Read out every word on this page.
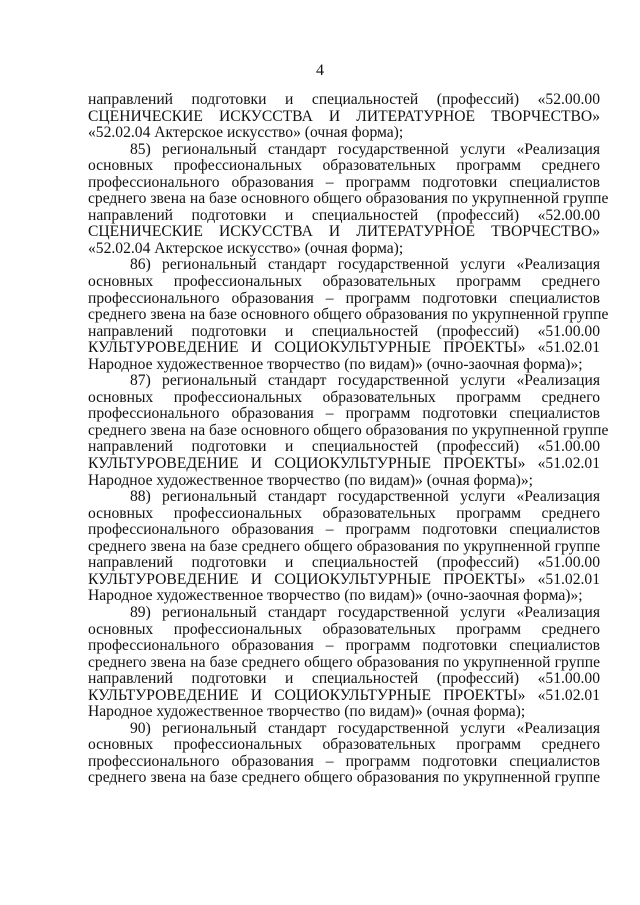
4
направлений подготовки и специальностей (профессий) «52.00.00
СЦЕНИЧЕСКИЕ ИСКУССТВА И ЛИТЕРАТУРНОЕ ТВОРЧЕСТВО»
«52.02.04 Актерское искусство» (очная форма);
85) региональный стандарт государственной услуги «Реализация
основных профессиональных образовательных программ среднего
профессионального образования – программ подготовки специалистов
среднего звена на базе основного общего образования по укрупненной группе
направлений подготовки и специальностей (профессий) «52.00.00
СЦЕНИЧЕСКИЕ ИСКУССТВА И ЛИТЕРАТУРНОЕ ТВОРЧЕСТВО»
«52.02.04 Актерское искусство» (очная форма);
86) региональный стандарт государственной услуги «Реализация
основных профессиональных образовательных программ среднего
профессионального образования – программ подготовки специалистов
среднего звена на базе основного общего образования по укрупненной группе
направлений подготовки и специальностей (профессий) «51.00.00
КУЛЬТУРОВЕДЕНИЕ И СОЦИОКУЛЬТУРНЫЕ ПРОЕКТЫ» «51.02.01
Народное художественное творчество (по видам)» (очно-заочная форма)»;
87) региональный стандарт государственной услуги «Реализация
основных профессиональных образовательных программ среднего
профессионального образования – программ подготовки специалистов
среднего звена на базе основного общего образования по укрупненной группе
направлений подготовки и специальностей (профессий) «51.00.00
КУЛЬТУРОВЕДЕНИЕ И СОЦИОКУЛЬТУРНЫЕ ПРОЕКТЫ» «51.02.01
Народное художественное творчество (по видам)» (очная форма)»;
88) региональный стандарт государственной услуги «Реализация
основных профессиональных образовательных программ среднего
профессионального образования – программ подготовки специалистов
среднего звена на базе среднего общего образования по укрупненной группе
направлений подготовки и специальностей (профессий) «51.00.00
КУЛЬТУРОВЕДЕНИЕ И СОЦИОКУЛЬТУРНЫЕ ПРОЕКТЫ» «51.02.01
Народное художественное творчество (по видам)» (очно-заочная форма)»;
89) региональный стандарт государственной услуги «Реализация
основных профессиональных образовательных программ среднего
профессионального образования – программ подготовки специалистов
среднего звена на базе среднего общего образования по укрупненной группе
направлений подготовки и специальностей (профессий) «51.00.00
КУЛЬТУРОВЕДЕНИЕ И СОЦИОКУЛЬТУРНЫЕ ПРОЕКТЫ» «51.02.01
Народное художественное творчество (по видам)» (очная форма);
90) региональный стандарт государственной услуги «Реализация
основных профессиональных образовательных программ среднего
профессионального образования – программ подготовки специалистов
среднего звена на базе среднего общего образования по укрупненной группе
